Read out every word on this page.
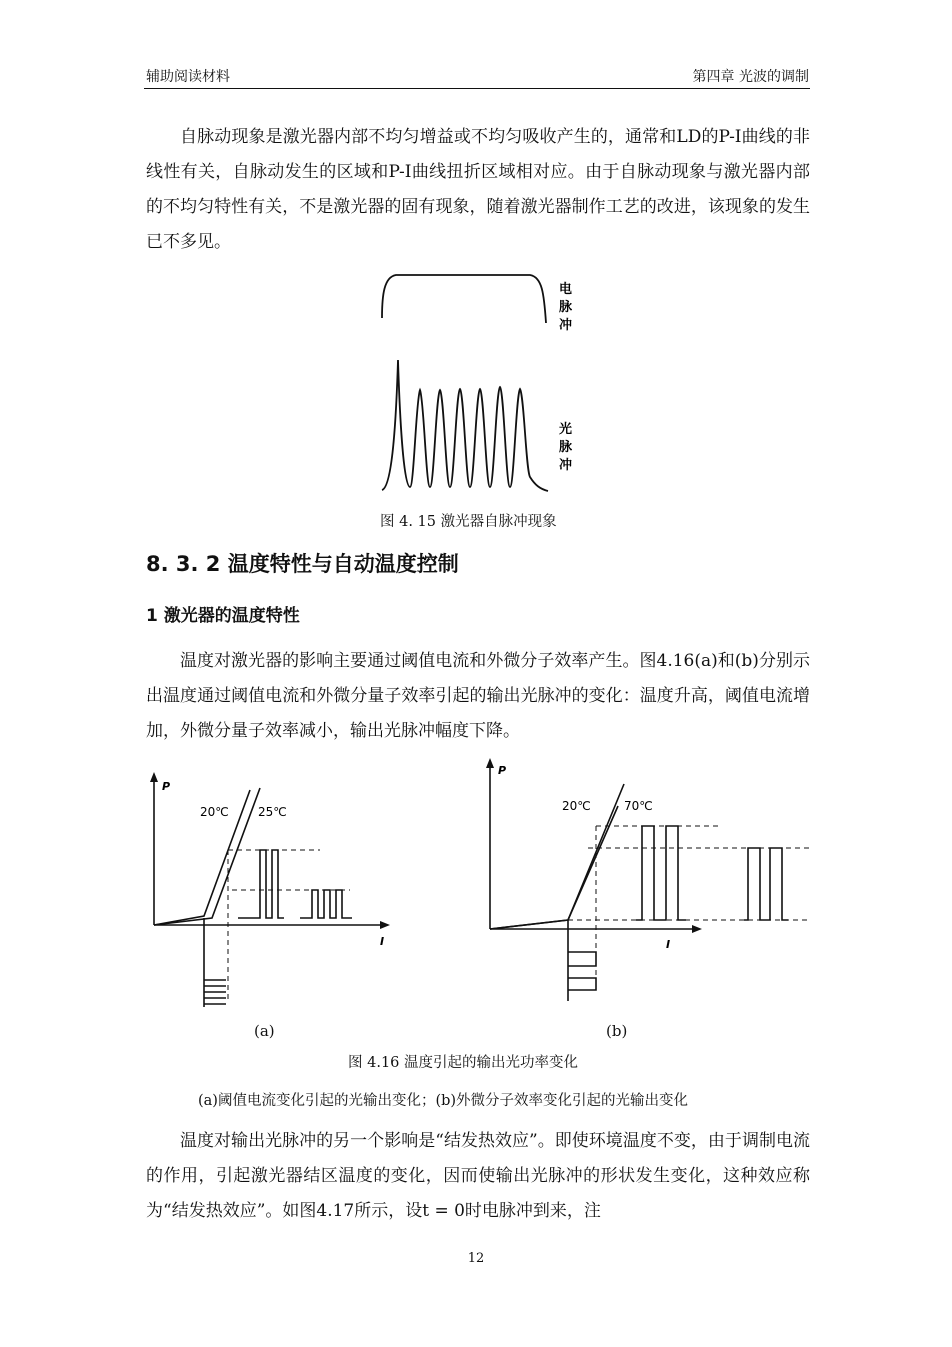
辅助阅读材料	第四章 光波的调制

自脉动现象是激光器内部不均匀增益或不均匀吸收产生的，通常和LD的P-I曲线的非线性有关，自脉动发生的区域和P-I曲线扭折区域相对应。由于自脉动现象与激光器内部的不均匀特性有关，不是激光器的固有现象，随着激光器制作工艺的改进，该现象的发生已不多见。

电
脉
冲
光
脉
冲
图 4. 15 激光器自脉冲现象
8. 3. 2 温度特性与自动温度控制
1 激光器的温度特性

温度对激光器的影响主要通过阈值电流和外微分子效率产生。图4.16(a)和(b)分别示出温度通过阈值电流和外微分量子效率引起的输出光脉冲的变化：温度升高，阈值电流增加，外微分量子效率减小，输出光脉冲幅度下降。

P
I
20℃ 25℃
(a)
P
I
20℃	70℃
(b)
图 4.16 温度引起的输出光功率变化
(a)阈值电流变化引起的光输出变化；(b)外微分子效率变化引起的光输出变化

温度对输出光脉冲的另一个影响是“结发热效应”。即使环境温度不变，由于调制电流的作用，引起激光器结区温度的变化，因而使输出光脉冲的形状发生变化，这种效应称为“结发热效应”。如图4.17所示，设t = 0时电脉冲到来，注

12
